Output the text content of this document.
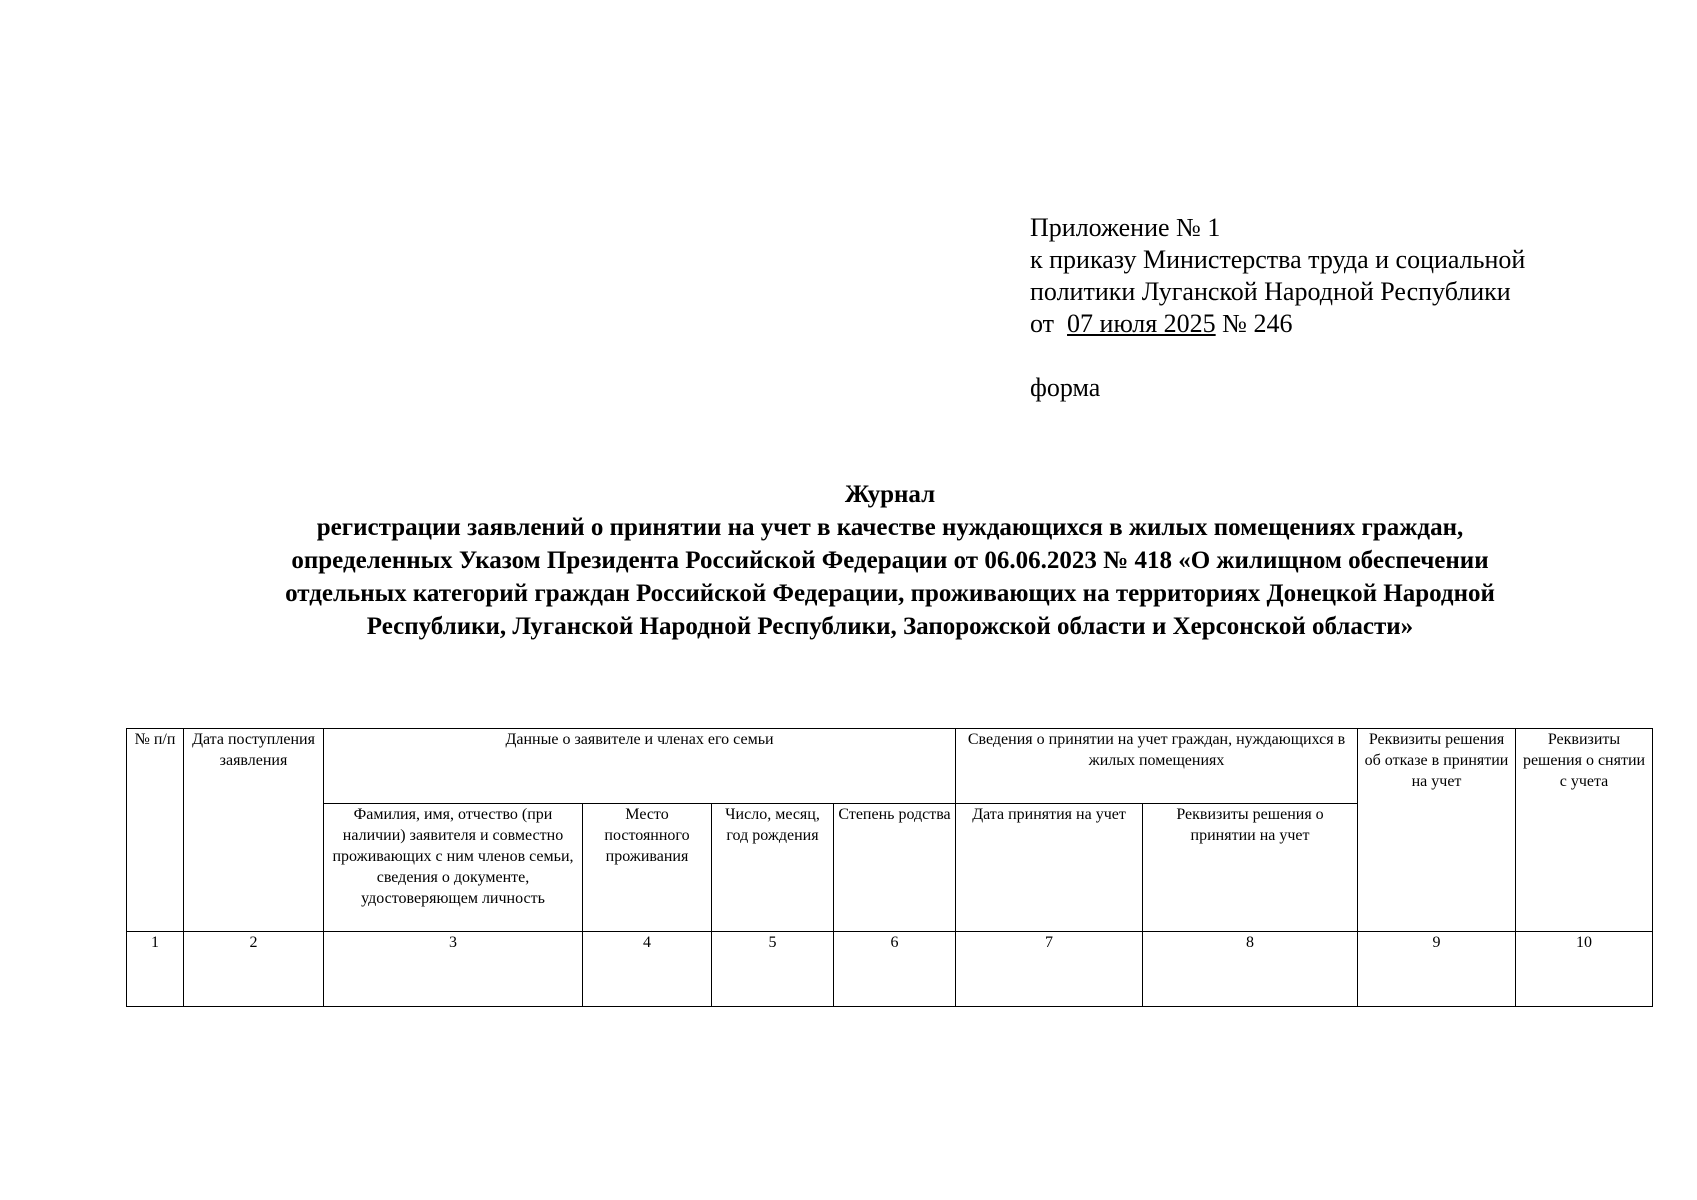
Приложение № 1
к приказу Министерства труда и социальной
политики Луганской Народной Республики
от 07 июля 2025 № 246
форма
Журнал
регистрации заявлений о принятии на учет в качестве нуждающихся в жилых помещениях граждан,
определенных Указом Президента Российской Федерации от 06.06.2023 № 418 «О жилищном обеспечении
отдельных категорий граждан Российской Федерации, проживающих на территориях Донецкой Народной
Республики, Луганской Народной Республики, Запорожской области и Херсонской области»
№ п/п	Дата поступления заявления	Данные о заявителе и членах его семьи				Сведения о принятии на учет граждан, нуждающихся в жилых помещениях		Реквизиты решения об отказе в принятии на учет	Реквизиты решения о снятии с учета
		Фамилия, имя, отчество (при наличии) заявителя и совместно проживающих с ним членов семьи, сведения о документе, удостоверяющем личность	Место постоянного проживания	Число, месяц, год рождения	Степень родства	Дата принятия на учет	Реквизиты решения о принятии на учет		
1	2	3	4	5	6	7	8	9	10
